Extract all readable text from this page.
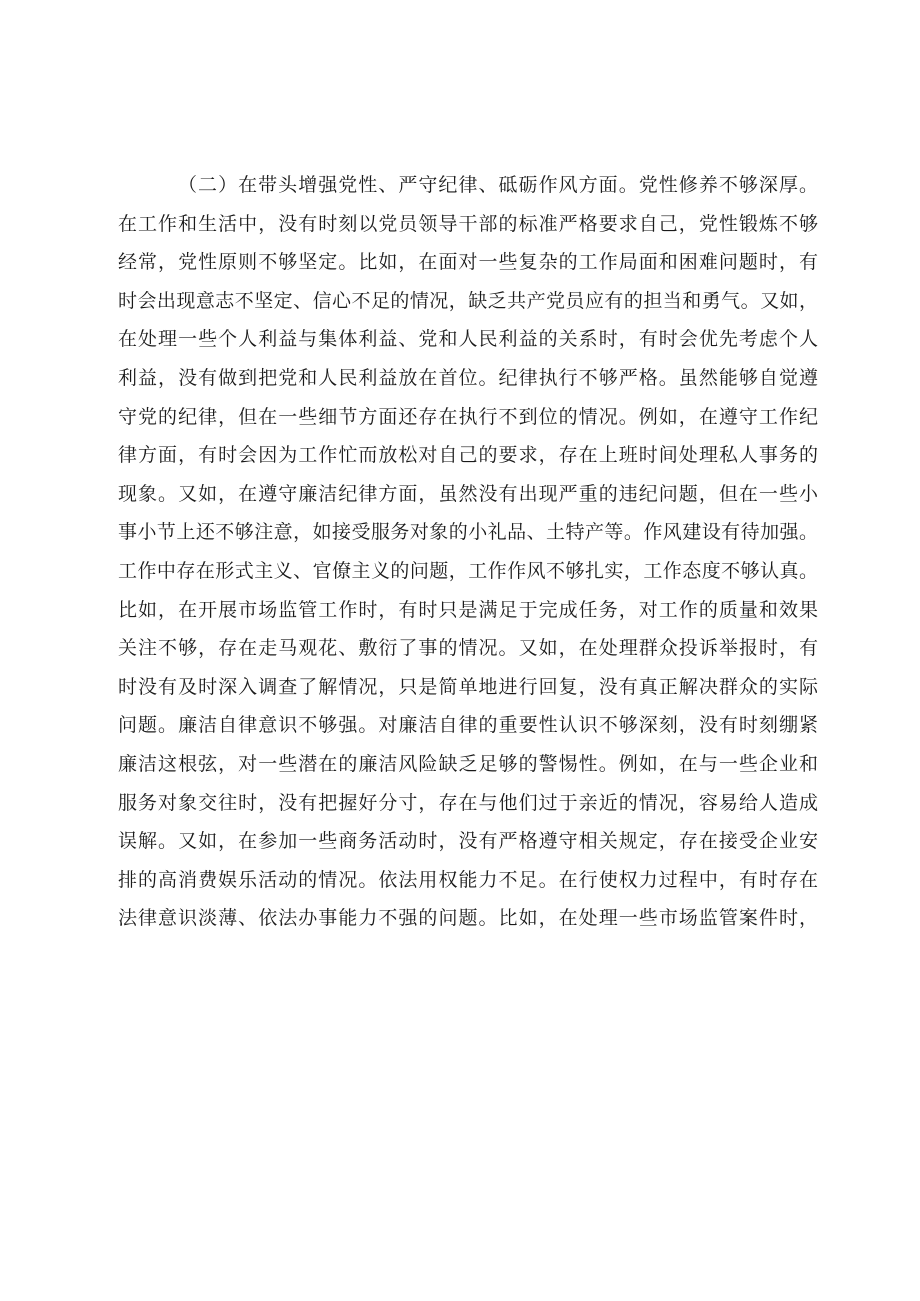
（二）在带头增强党性、严守纪律、砥砺作风方面。党性修养不够深厚。
在工作和生活中，没有时刻以党员领导干部的标准严格要求自己，党性锻炼不够
经常，党性原则不够坚定。比如，在面对一些复杂的工作局面和困难问题时，有
时会出现意志不坚定、信心不足的情况，缺乏共产党员应有的担当和勇气。又如，
在处理一些个人利益与集体利益、党和人民利益的关系时，有时会优先考虑个人
利益，没有做到把党和人民利益放在首位。纪律执行不够严格。虽然能够自觉遵
守党的纪律，但在一些细节方面还存在执行不到位的情况。例如，在遵守工作纪
律方面，有时会因为工作忙而放松对自己的要求，存在上班时间处理私人事务的
现象。又如，在遵守廉洁纪律方面，虽然没有出现严重的违纪问题，但在一些小
事小节上还不够注意，如接受服务对象的小礼品、土特产等。作风建设有待加强。
工作中存在形式主义、官僚主义的问题，工作作风不够扎实，工作态度不够认真。
比如，在开展市场监管工作时，有时只是满足于完成任务，对工作的质量和效果
关注不够，存在走马观花、敷衍了事的情况。又如，在处理群众投诉举报时，有
时没有及时深入调查了解情况，只是简单地进行回复，没有真正解决群众的实际
问题。廉洁自律意识不够强。对廉洁自律的重要性认识不够深刻，没有时刻绷紧
廉洁这根弦，对一些潜在的廉洁风险缺乏足够的警惕性。例如，在与一些企业和
服务对象交往时，没有把握好分寸，存在与他们过于亲近的情况，容易给人造成
误解。又如，在参加一些商务活动时，没有严格遵守相关规定，存在接受企业安
排的高消费娱乐活动的情况。依法用权能力不足。在行使权力过程中，有时存在
法律意识淡薄、依法办事能力不强的问题。比如，在处理一些市场监管案件时，
